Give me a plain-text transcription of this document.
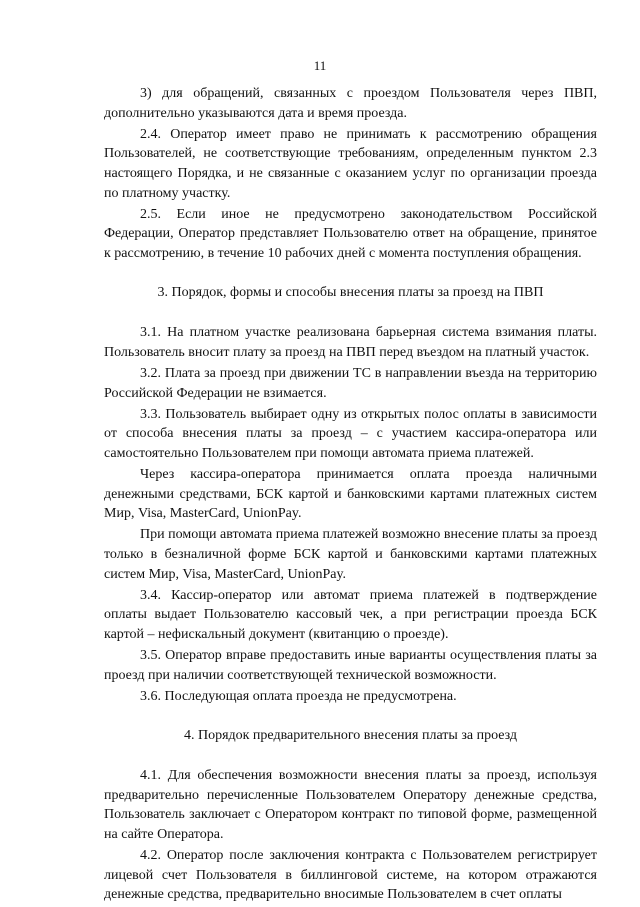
11

3) для обращений, связанных с проездом Пользователя через ПВП, дополнительно указываются дата и время проезда.

2.4. Оператор имеет право не принимать к рассмотрению обращения Пользователей, не соответствующие требованиям, определенным пунктом 2.3 настоящего Порядка, и не связанные с оказанием услуг по организации проезда по платному участку.

2.5. Если иное не предусмотрено законодательством Российской Федерации, Оператор представляет Пользователю ответ на обращение, принятое к рассмотрению, в течение 10 рабочих дней с момента поступления обращения.

3. Порядок, формы и способы внесения платы за проезд на ПВП

3.1. На платном участке реализована барьерная система взимания платы. Пользователь вносит плату за проезд на ПВП перед въездом на платный участок.

3.2. Плата за проезд при движении ТС в направлении въезда на территорию Российской Федерации не взимается.

3.3. Пользователь выбирает одну из открытых полос оплаты в зависимости от способа внесения платы за проезд – с участием кассира-оператора или самостоятельно Пользователем при помощи автомата приема платежей.

Через кассира-оператора принимается оплата проезда наличными денежными средствами, БСК картой и банковскими картами платежных систем Мир, Visa, MasterCard, UnionPay.

При помощи автомата приема платежей возможно внесение платы за проезд только в безналичной форме БСК картой и банковскими картами платежных систем Мир, Visa, MasterCard, UnionPay.

3.4. Кассир-оператор или автомат приема платежей в подтверждение оплаты выдает Пользователю кассовый чек, а при регистрации проезда БСК картой – нефискальный документ (квитанцию о проезде).

3.5. Оператор вправе предоставить иные варианты осуществления платы за проезд при наличии соответствующей технической возможности.

3.6. Последующая оплата проезда не предусмотрена.

4. Порядок предварительного внесения платы за проезд

4.1. Для обеспечения возможности внесения платы за проезд, используя предварительно перечисленные Пользователем Оператору денежные средства, Пользователь заключает с Оператором контракт по типовой форме, размещенной на сайте Оператора.

4.2. Оператор после заключения контракта с Пользователем регистрирует лицевой счет Пользователя в биллинговой системе, на котором отражаются денежные средства, предварительно вносимые Пользователем в счет оплаты
